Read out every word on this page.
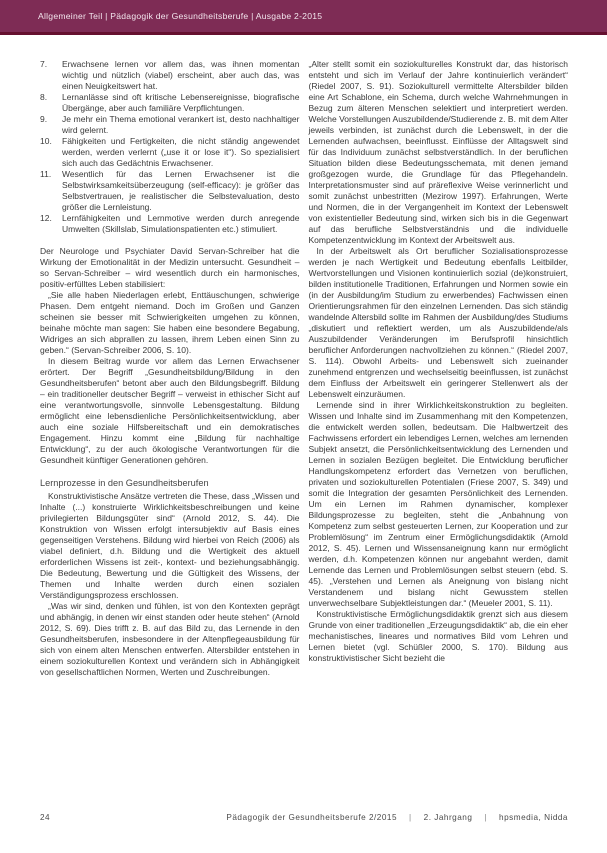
Allgemeiner Teil | Pädagogik der Gesundheitsberufe | Ausgabe 2-2015
7.	Erwachsene lernen vor allem das, was ihnen momentan wichtig und nützlich (viabel) erscheint, aber auch das, was einen Neuigkeitswert hat.
8.	Lernanlässe sind oft kritische Lebensereignisse, biografische Übergänge, aber auch familiäre Verpflichtungen.
9.	Je mehr ein Thema emotional verankert ist, desto nachhaltiger wird gelernt.
10.	Fähigkeiten und Fertigkeiten, die nicht ständig angewendet werden, werden verlernt („use it or lose it“). So spezialisiert sich auch das Gedächtnis Erwachsener.
11.	Wesentlich für das Lernen Erwachsener ist die Selbstwirksamkeitsüberzeugung (self-efficacy): je größer das Selbstvertrauen, je realistischer die Selbstevaluation, desto größer die Lernleistung.
12.	Lernfähigkeiten und Lernmotive werden durch anregende Umwelten (Skillslab, Simulationspatienten etc.) stimuliert.

Der Neurologe und Psychiater David Servan-Schreiber hat die Wirkung der Emotionalität in der Medizin untersucht. Gesundheit – so Servan-Schreiber – wird wesentlich durch ein harmonisches, positiv-erfülltes Leben stabilisiert:

„Sie alle haben Niederlagen erlebt, Enttäuschungen, schwierige Phasen. Dem entgeht niemand. Doch im Großen und Ganzen scheinen sie besser mit Schwierigkeiten umgehen zu können, beinahe möchte man sagen: Sie haben eine besondere Begabung, Widriges an sich abprallen zu lassen, ihrem Leben einen Sinn zu geben.“ (Servan-Schreiber 2006, S. 10).

In diesem Beitrag wurde vor allem das Lernen Erwachsener erörtert. Der Begriff „Gesundheitsbildung/Bildung in den Gesundheitsberufen“ betont aber auch den Bildungsbegriff. Bildung – ein traditioneller deutscher Begriff – verweist in ethischer Sicht auf eine verantwortungsvolle, sinnvolle Lebensgestaltung. Bildung ermöglicht eine lebensdienliche Persönlichkeitsentwicklung, aber auch eine soziale Hilfsbereitschaft und ein demokratisches Engagement. Hinzu kommt eine „Bildung für nachhaltige Entwicklung“, zu der auch ökologische Verantwortungen für die Gesundheit künftiger Generationen gehören.

Lernprozesse in den Gesundheitsberufen

Konstruktivistische Ansätze vertreten die These, dass „Wissen und Inhalte (...) konstruierte Wirklichkeitsbeschreibungen und keine privilegierten Bildungsgüter sind“ (Arnold 2012, S. 44). Die Konstruktion von Wissen erfolgt intersubjektiv auf Basis eines gegenseitigen Verstehens. Bildung wird hierbei von Reich (2006) als viabel definiert, d.h. Bildung und die Wertigkeit des aktuell erforderlichen Wissens ist zeit-, kontext- und beziehungsabhängig. Die Bedeutung, Bewertung und die Gültigkeit des Wissens, der Themen und Inhalte werden durch einen sozialen Verständigungsprozess erschlossen.

„Was wir sind, denken und fühlen, ist von den Kontexten geprägt und abhängig, in denen wir einst standen oder heute stehen“ (Arnold 2012, S. 69). Dies trifft z. B. auf das Bild zu, das Lernende in den Gesundheitsberufen, insbesondere in der Altenpflegeausbildung für sich von einem alten Menschen entwerfen. Altersbilder entstehen in einem soziokulturellen Kontext und verändern sich in Abhängigkeit von gesellschaftlichen Normen, Werten und Zuschreibungen.

„Alter stellt somit ein soziokulturelles Konstrukt dar, das historisch entsteht und sich im Verlauf der Jahre kontinuierlich verändert“ (Riedel 2007, S. 91). Soziokulturell vermittelte Altersbilder bilden eine Art Schablone, ein Schema, durch welche Wahrnehmungen in Bezug zum älteren Menschen selektiert und interpretiert werden. Welche Vorstellungen Auszubildende/Studierende z. B. mit dem Alter jeweils verbinden, ist zunächst durch die Lebenswelt, in der die Lernenden aufwachsen, beeinflusst. Einflüsse der Alltagswelt sind für das Individuum zunächst selbstverständlich. In der beruflichen Situation bilden diese Bedeutungsschemata, mit denen jemand großgezogen wurde, die Grundlage für das Pflegehandeln. Interpretationsmuster sind auf präreflexive Weise verinnerlicht und somit zunächst unbestritten (Mezirow 1997). Erfahrungen, Werte und Normen, die in der Vergangenheit im Kontext der Lebenswelt von existentieller Bedeutung sind, wirken sich bis in die Gegenwart auf das berufliche Selbstverständnis und die individuelle Kompetenzentwicklung im Kontext der Arbeitswelt aus.

In der Arbeitswelt als Ort beruflicher Sozialisationsprozesse werden je nach Wertigkeit und Bedeutung ebenfalls Leitbilder, Wertvorstellungen und Visionen kontinuierlich sozial (de)konstruiert, bilden institutionelle Traditionen, Erfahrungen und Normen sowie ein (in der Ausbildung/im Studium zu erwerbendes) Fachwissen einen Orientierungsrahmen für den einzelnen Lernenden. Das sich ständig wandelnde Altersbild sollte im Rahmen der Ausbildung/des Studiums „diskutiert und reflektiert werden, um als Auszubildende/als Auszubildender Veränderungen im Berufsprofil hinsichtlich beruflicher Anforderungen nachvollziehen zu können.“ (Riedel 2007, S. 114). Obwohl Arbeits- und Lebenswelt sich zueinander zunehmend entgrenzen und wechselseitig beeinflussen, ist zunächst dem Einfluss der Arbeitswelt ein geringerer Stellenwert als der Lebenswelt einzuräumen.

Lernende sind in ihrer Wirklichkeitskonstruktion zu begleiten. Wissen und Inhalte sind im Zusammenhang mit den Kompetenzen, die entwickelt werden sollen, bedeutsam. Die Halbwertzeit des Fachwissens erfordert ein lebendiges Lernen, welches am lernenden Subjekt ansetzt, die Persönlichkeitsentwicklung des Lernenden und Lernen in sozialen Bezügen begleitet. Die Entwicklung beruflicher Handlungskompetenz erfordert das Vernetzen von beruflichen, privaten und soziokulturellen Potentialen (Friese 2007, S. 349) und somit die Integration der gesamten Persönlichkeit des Lernenden. Um ein Lernen im Rahmen dynamischer, komplexer Bildungsprozesse zu begleiten, steht die „Anbahnung von Kompetenz zum selbst gesteuerten Lernen, zur Kooperation und zur Problemlösung“ im Zentrum einer Ermöglichungsdidaktik (Arnold 2012, S. 45). Lernen und Wissensaneignung kann nur ermöglicht werden, d.h. Kompetenzen können nur angebahnt werden, damit Lernende das Lernen und Problemlösungen selbst steuern (ebd. S. 45). „Verstehen und Lernen als Aneignung von bislang nicht Verstandenem und bislang nicht Gewusstem stellen unverwechselbare Subjektleistungen dar.“ (Meueler 2001, S. 11).

Konstruktivistische Ermöglichungsdidaktik grenzt sich aus diesem Grunde von einer traditionellen „Erzeugungsdidaktik“ ab, die ein eher mechanistisches, lineares und normatives Bild vom Lehren und Lernen bietet (vgl. Schüßler 2000, S. 170). Bildung aus konstruktivistischer Sicht bezieht die

24	Pädagogik der Gesundheitsberufe 2/2015 | 2. Jahrgang | hpsmedia, Nidda
